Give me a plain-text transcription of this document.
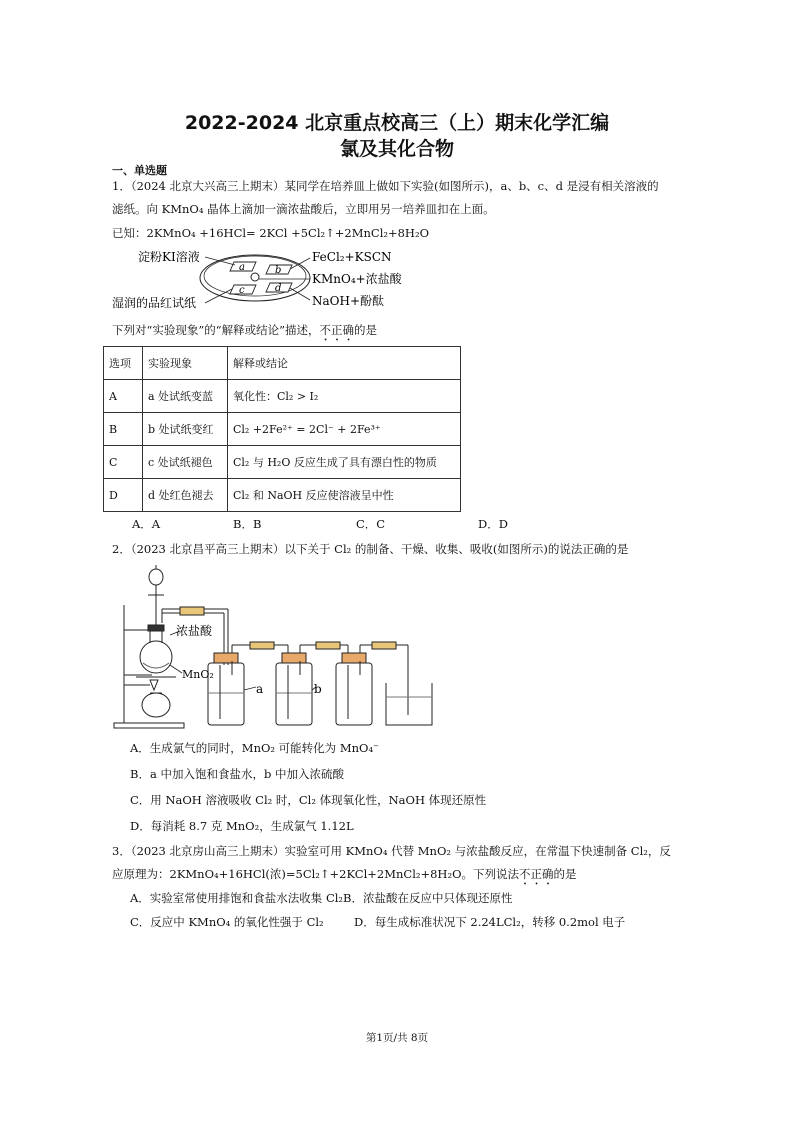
2022-2024 北京重点校高三（上）期末化学汇编
氯及其化合物
一、单选题
1．（2024 北京大兴高三上期末）某同学在培养皿上做如下实验(如图所示)，a、b、c、d 是浸有相关溶液的
滤纸。向 KMnO₄ 晶体上滴加一滴浓盐酸后，立即用另一培养皿扣在上面。
已知：2KMnO₄ +16HCl= 2KCl +5Cl₂↑+2MnCl₂+8H₂O
a	b
c	d
淀粉KI溶液
湿润的品红试纸
FeCl₂+KSCN
KMnO₄+浓盐酸
NaOH+酚酞
下列对“实验现象”的“解释或结论”描述，不正确的是
选项	实验现象	解释或结论
A	a 处试纸变蓝	氧化性：Cl₂ > I₂
B	b 处试纸变红	Cl₂ +2Fe²⁺ = 2Cl⁻ + 2Fe³⁺
C	c 处试纸褪色	Cl₂ 与 H₂O 反应生成了具有漂白性的物质
D	d 处红色褪去	Cl₂ 和 NaOH 反应使溶液呈中性
A．A	B．B	C．C	D．D
2．（2023 北京昌平高三上期末）以下关于 Cl₂ 的制备、干燥、收集、吸收(如图所示)的说法正确的是
浓盐酸
MnO₂
a	b
A．生成氯气的同时，MnO₂ 可能转化为 MnO₄⁻
B．a 中加入饱和食盐水，b 中加入浓硫酸
C．用 NaOH 溶液吸收 Cl₂ 时，Cl₂ 体现氧化性，NaOH 体现还原性
D．每消耗 8.7 克 MnO₂，生成氯气 1.12L
3．（2023 北京房山高三上期末）实验室可用 KMnO₄ 代替 MnO₂ 与浓盐酸反应，在常温下快速制备 Cl₂，反
应原理为：2KMnO₄+16HCl(浓)=5Cl₂↑+2KCl+2MnCl₂+8H₂O。下列说法不正确的是
A．实验室常使用排饱和食盐水法收集 Cl₂B．浓盐酸在反应中只体现还原性
C．反应中 KMnO₄ 的氧化性强于 Cl₂	D．每生成标准状况下 2.24LCl₂，转移 0.2mol 电子
第1页/共 8页
